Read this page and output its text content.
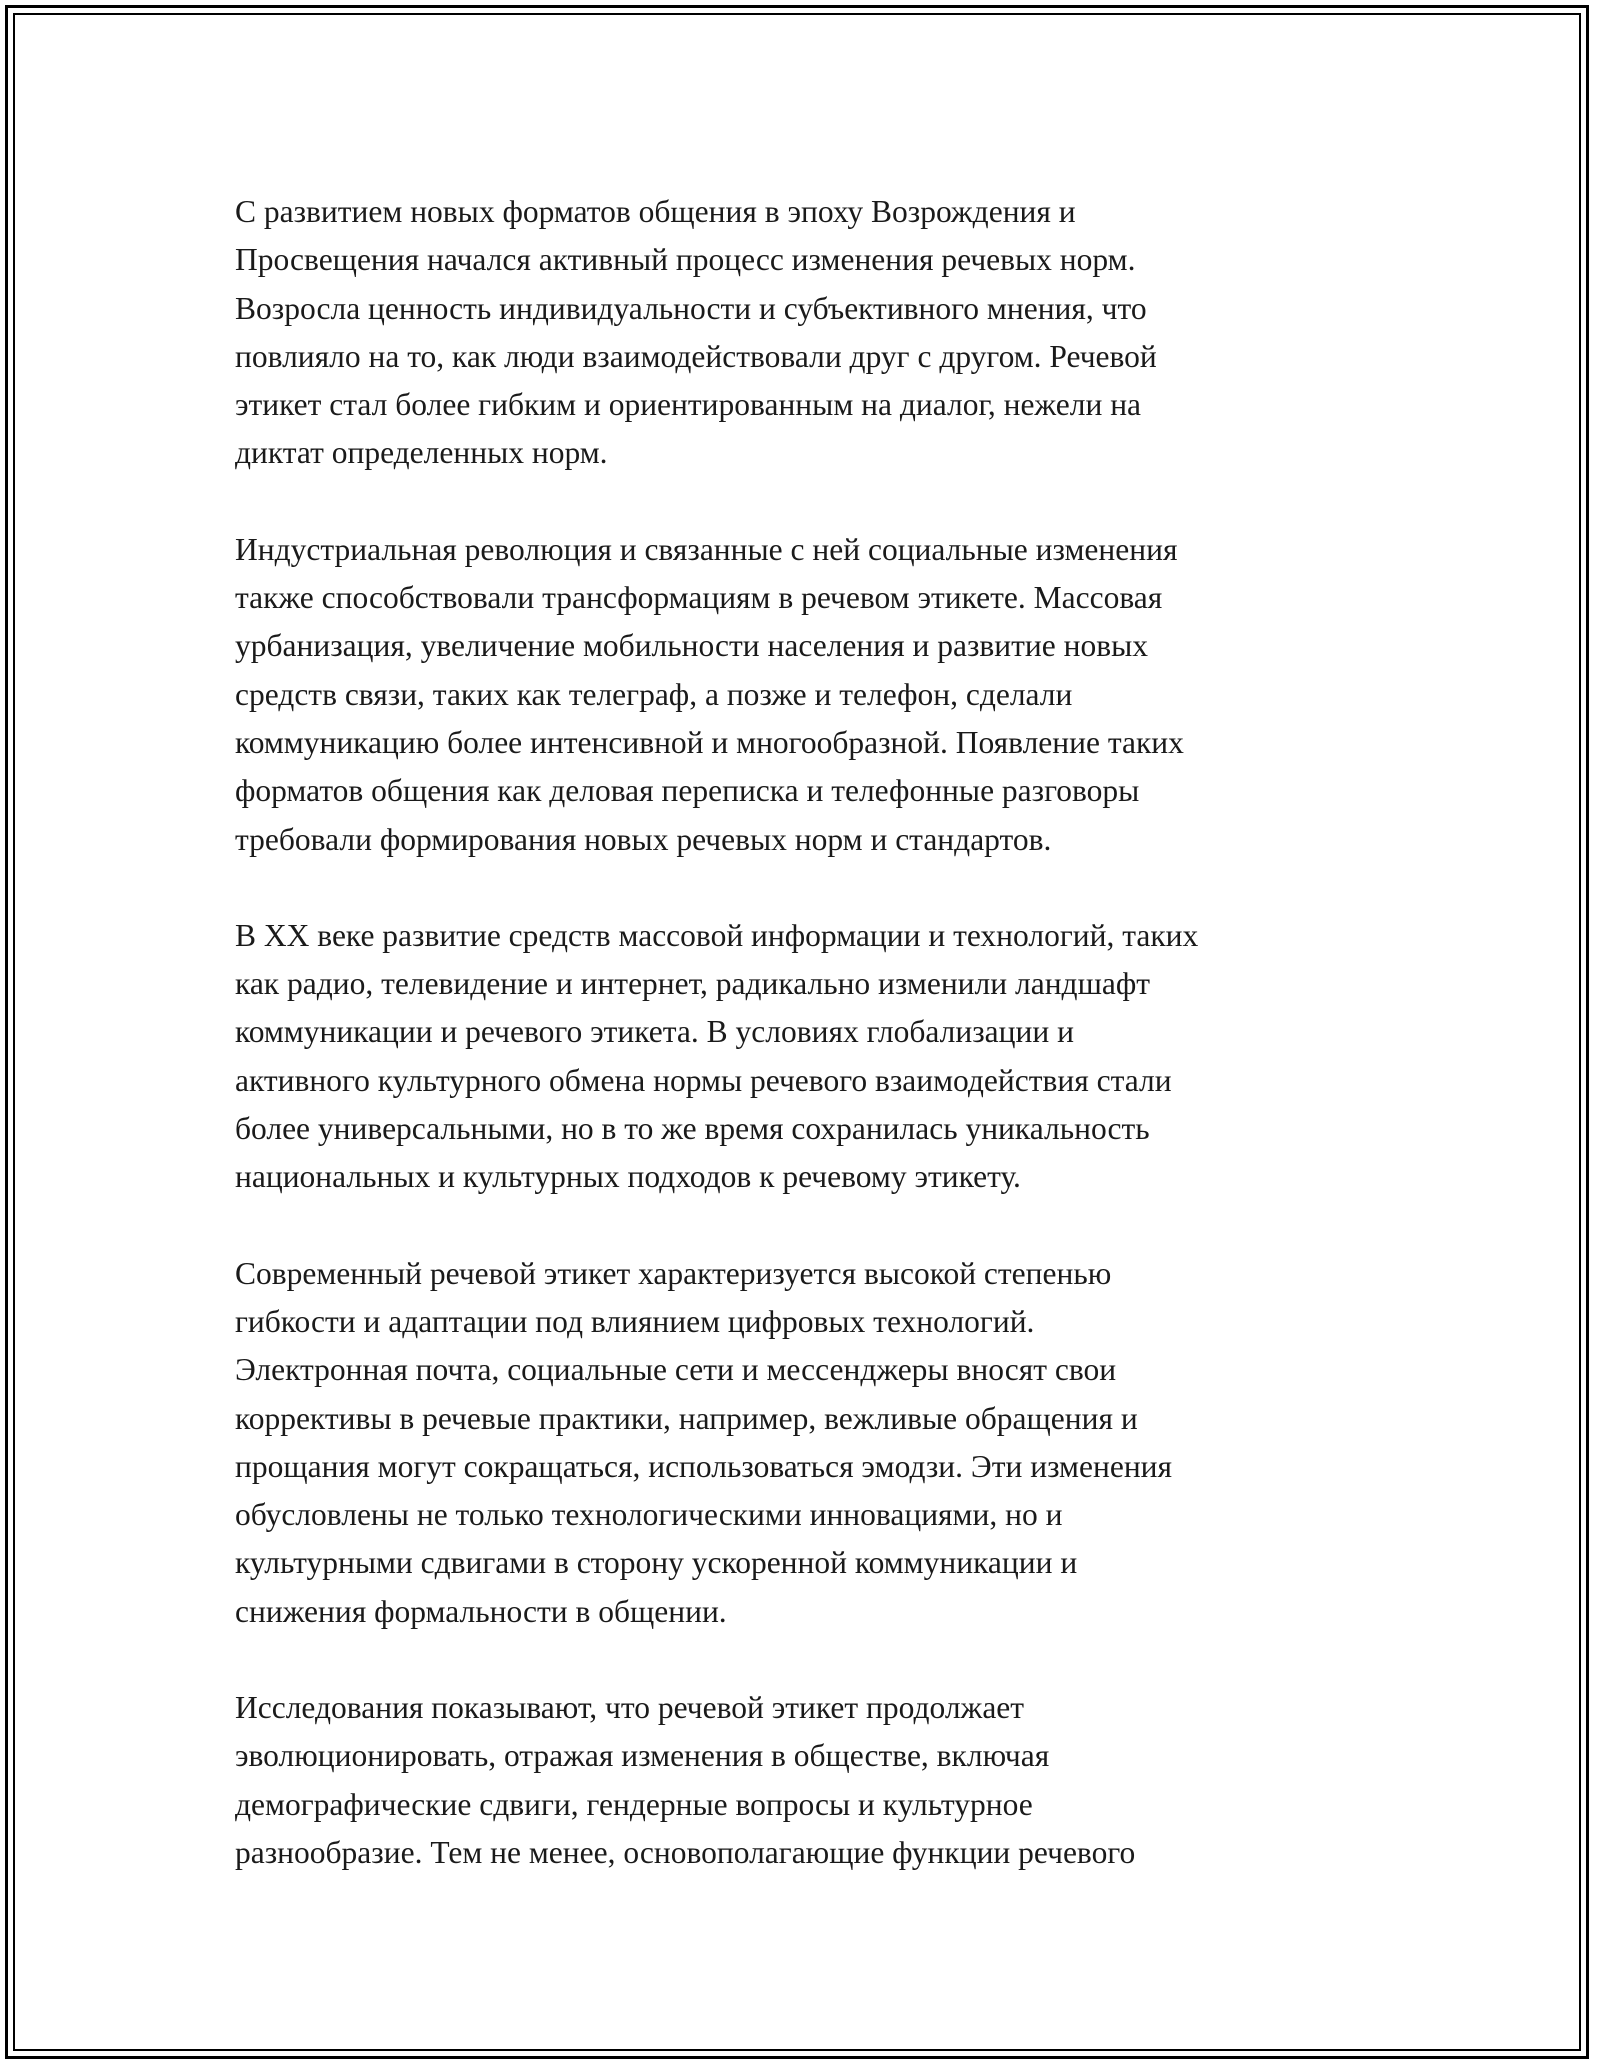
С развитием новых форматов общения в эпоху Возрождения и
Просвещения начался активный процесс изменения речевых норм.
Возросла ценность индивидуальности и субъективного мнения, что
повлияло на то, как люди взаимодействовали друг с другом. Речевой
этикет стал более гибким и ориентированным на диалог, нежели на
диктат определенных норм.
Индустриальная революция и связанные с ней социальные изменения
также способствовали трансформациям в речевом этикете. Массовая
урбанизация, увеличение мобильности населения и развитие новых
средств связи, таких как телеграф, а позже и телефон, сделали
коммуникацию более интенсивной и многообразной. Появление таких
форматов общения как деловая переписка и телефонные разговоры
требовали формирования новых речевых норм и стандартов.
В XX веке развитие средств массовой информации и технологий, таких
как радио, телевидение и интернет, радикально изменили ландшафт
коммуникации и речевого этикета. В условиях глобализации и
активного культурного обмена нормы речевого взаимодействия стали
более универсальными, но в то же время сохранилась уникальность
национальных и культурных подходов к речевому этикету.
Современный речевой этикет характеризуется высокой степенью
гибкости и адаптации под влиянием цифровых технологий.
Электронная почта, социальные сети и мессенджеры вносят свои
коррективы в речевые практики, например, вежливые обращения и
прощания могут сокращаться, использоваться эмодзи. Эти изменения
обусловлены не только технологическими инновациями, но и
культурными сдвигами в сторону ускоренной коммуникации и
снижения формальности в общении.
Исследования показывают, что речевой этикет продолжает
эволюционировать, отражая изменения в обществе, включая
демографические сдвиги, гендерные вопросы и культурное
разнообразие. Тем не менее, основополагающие функции речевого
